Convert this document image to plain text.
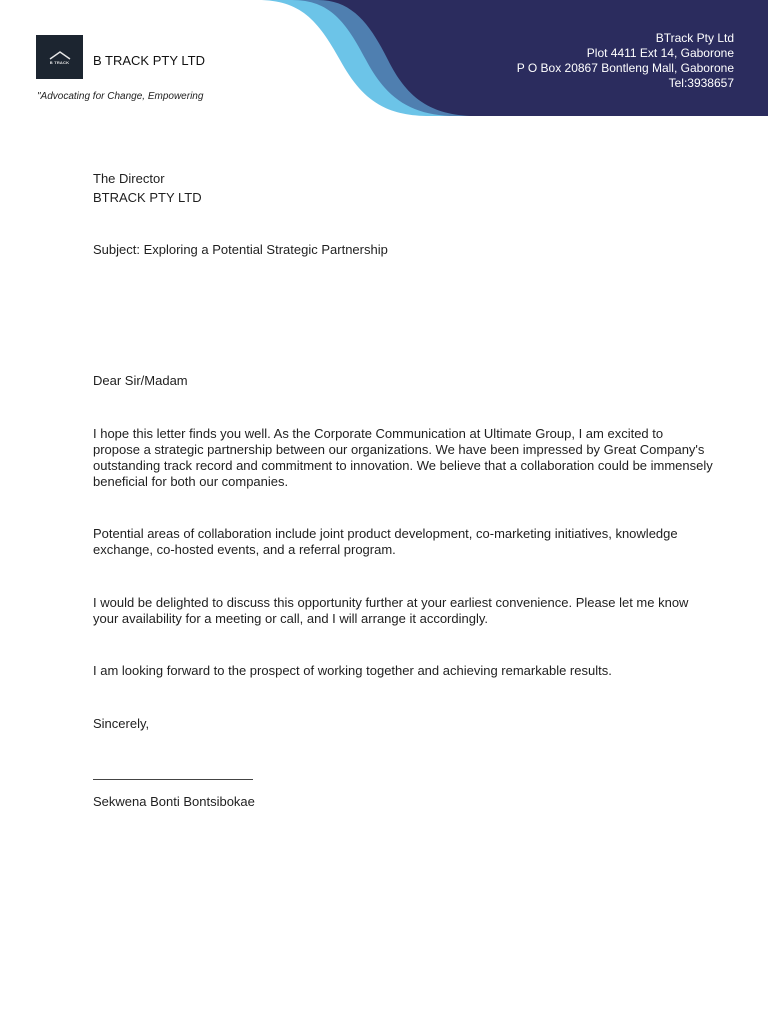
B TRACK B TRACK PTY LTD
"Advocating for Change, Empowering
BTrack Pty Ltd
Plot 4411 Ext 14, Gaborone
P O Box 20867 Bontleng Mall, Gaborone
Tel:3938657
The Director
BTRACK PTY LTD
Subject: Exploring a Potential Strategic Partnership
Dear Sir/Madam
I hope this letter finds you well. As the Corporate Communication at Ultimate Group, I am excited to propose a strategic partnership between our organizations. We have been impressed by Great Company's outstanding track record and commitment to innovation. We believe that a collaboration could be immensely beneficial for both our companies.
Potential areas of collaboration include joint product development, co-marketing initiatives, knowledge exchange, co-hosted events, and a referral program.
I would be delighted to discuss this opportunity further at your earliest convenience. Please let me know your availability for a meeting or call, and I will arrange it accordingly.
I am looking forward to the prospect of working together and achieving remarkable results.
Sincerely,
Sekwena Bonti Bontsibokae
